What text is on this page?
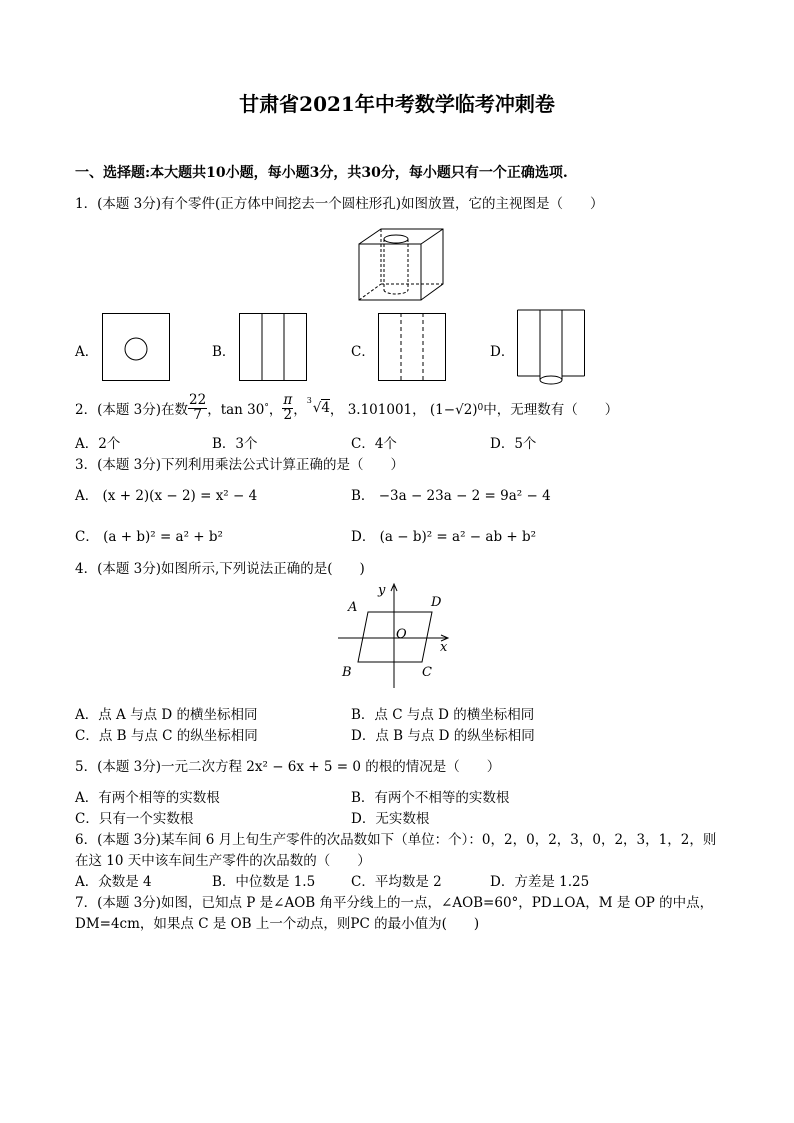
甘肃省2021年中考数学临考冲刺卷
一、选择题:本大题共10小题，每小题3分，共30分，每小题只有一个正确选项.
1．(本题 3分)有个零件(正方体中间挖去一个圆柱形孔)如图放置，它的主视图是（　　）
A．	B．	C．	D．
2．(本题 3分)在数 $\frac{22}{7}$ ，tan 30 ° ， $\frac{\pi}{2}$ ，
3 √4 ， 3.101001， (1−√2) 0 中，无理数有（　　）
A．2个	B．3个	C．4个	D．5个
3．(本题 3分)下列利用乘法公式计算正确的是（　　）
A． (x + 2)(x − 2) = x² − 4	B． −3a − 23a − 2 = 9a² − 4
C． (a + b)² = a² + b²	D． (a − b)² = a² − ab + b²
4．(本题 3分)如图所示,下列说法正确的是(　　)
y
x
A	D
O
B	C
A．点 A 与点 D 的横坐标相同	B．点 C 与点 D 的横坐标相同
C．点 B 与点 C 的纵坐标相同	D．点 B 与点 D 的纵坐标相同
5．(本题 3分)一元二次方程 2x² − 6x + 5 = 0 的根的情况是（　　）
A．有两个相等的实数根	B．有两个不相等的实数根
C．只有一个实数根	D．无实数根
6．(本题 3分)某车间 6 月上旬生产零件的次品数如下（单位：个）：0，2，0，2，3，0，2，3，1，2，则
在这 10 天中该车间生产零件的次品数的（　　）
A．众数是 4	B．中位数是 1.5	C．平均数是 2	D．方差是 1.25
7．(本题 3分)如图，已知点 P 是∠AOB 角平分线上的一点，∠AOB=60°，PD⊥OA，M 是 OP 的中点，
DM=4cm，如果点 C 是 OB 上一个动点，则PC 的最小值为(　　)
